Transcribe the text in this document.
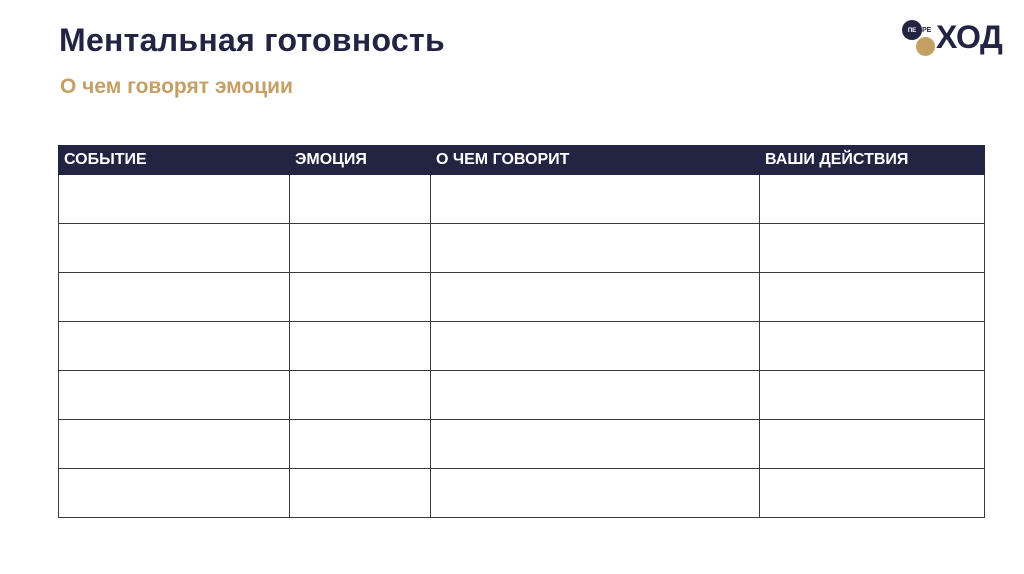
Ментальная готовность
О чем говорят эмоции
ПЕ РЕ ХОД
СОБЫТИЕ	ЭМОЦИЯ	О ЧЕМ ГОВОРИТ	ВАШИ ДЕЙСТВИЯ
